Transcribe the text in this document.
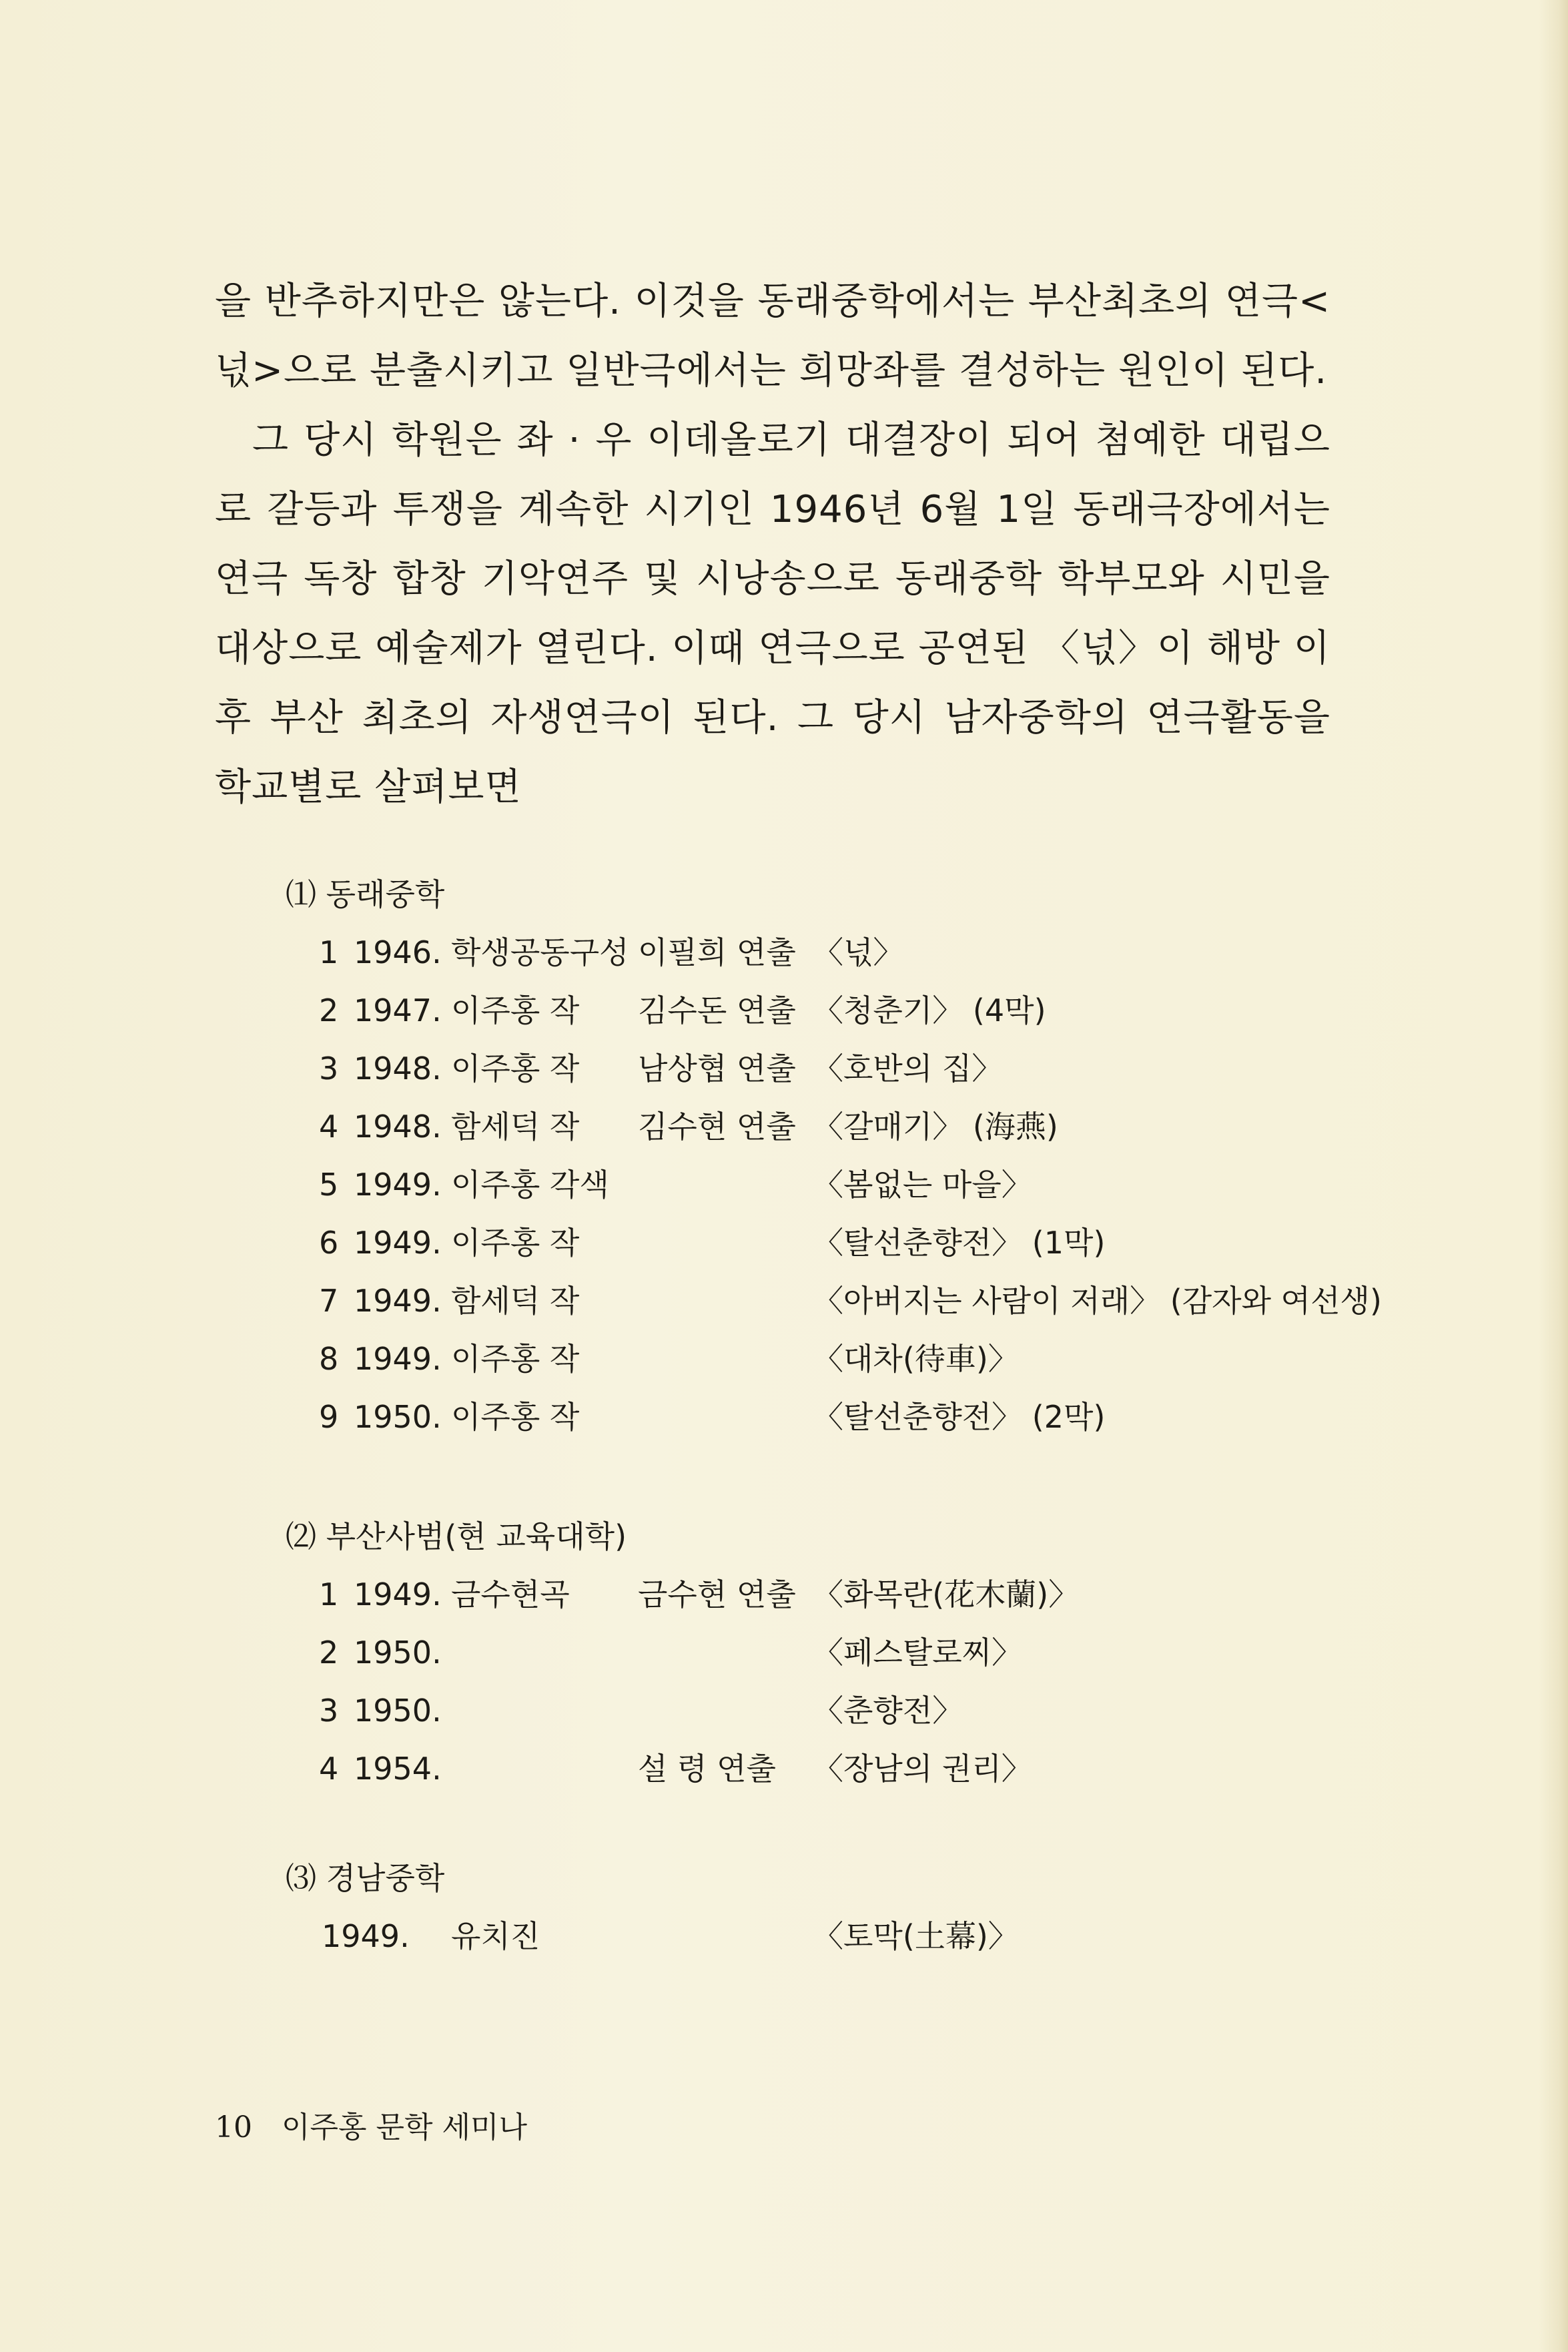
을 반추하지만은 않는다. 이것을 동래중학에서는 부산최초의 연극<넋>으로 분출시키고 일반극에서는 희망좌를 결성하는 원인이 된다.

그 당시 학원은 좌 · 우 이데올로기 대결장이 되어 첨예한 대립으로 갈등과 투쟁을 계속한 시기인 1946년 6월 1일 동래극장에서는 연극 독창 합창 기악연주 및 시낭송으로 동래중학 학부모와 시민을 대상으로 예술제가 열린다. 이때 연극으로 공연된 〈넋〉이 해방 이후 부산 최초의 자생연극이 된다. 그 당시 남자중학의 연극활동을 학교별로 살펴보면

⑴ 동래중학
1 1946. 학생공동구성 이필희 연출 〈넋〉
2 1947. 이주홍 작 김수돈 연출 〈청춘기〉 (4막)
3 1948. 이주홍 작 남상협 연출 〈호반의 집〉
4 1948. 함세덕 작 김수현 연출 〈갈매기〉 (海燕)
5 1949. 이주홍 각색	〈봄없는 마을〉
6 1949. 이주홍 작	〈탈선춘향전〉 (1막)
7 1949. 함세덕 작	〈아버지는 사람이 저래〉 (감자와 여선생)
8 1949. 이주홍 작	〈대차(待車)〉
9 1950. 이주홍 작	〈탈선춘향전〉 (2막)
⑵ 부산사범(현 교육대학)
1 1949. 금수현곡 금수현 연출 〈화목란(花木蘭)〉
2 1950.	〈페스탈로찌〉
3 1950.	〈춘향전〉
4 1954.	설 령 연출 〈장남의 권리〉
⑶ 경남중학
1949. 유치진	〈토막(土幕)〉
10 이주홍 문학 세미나
